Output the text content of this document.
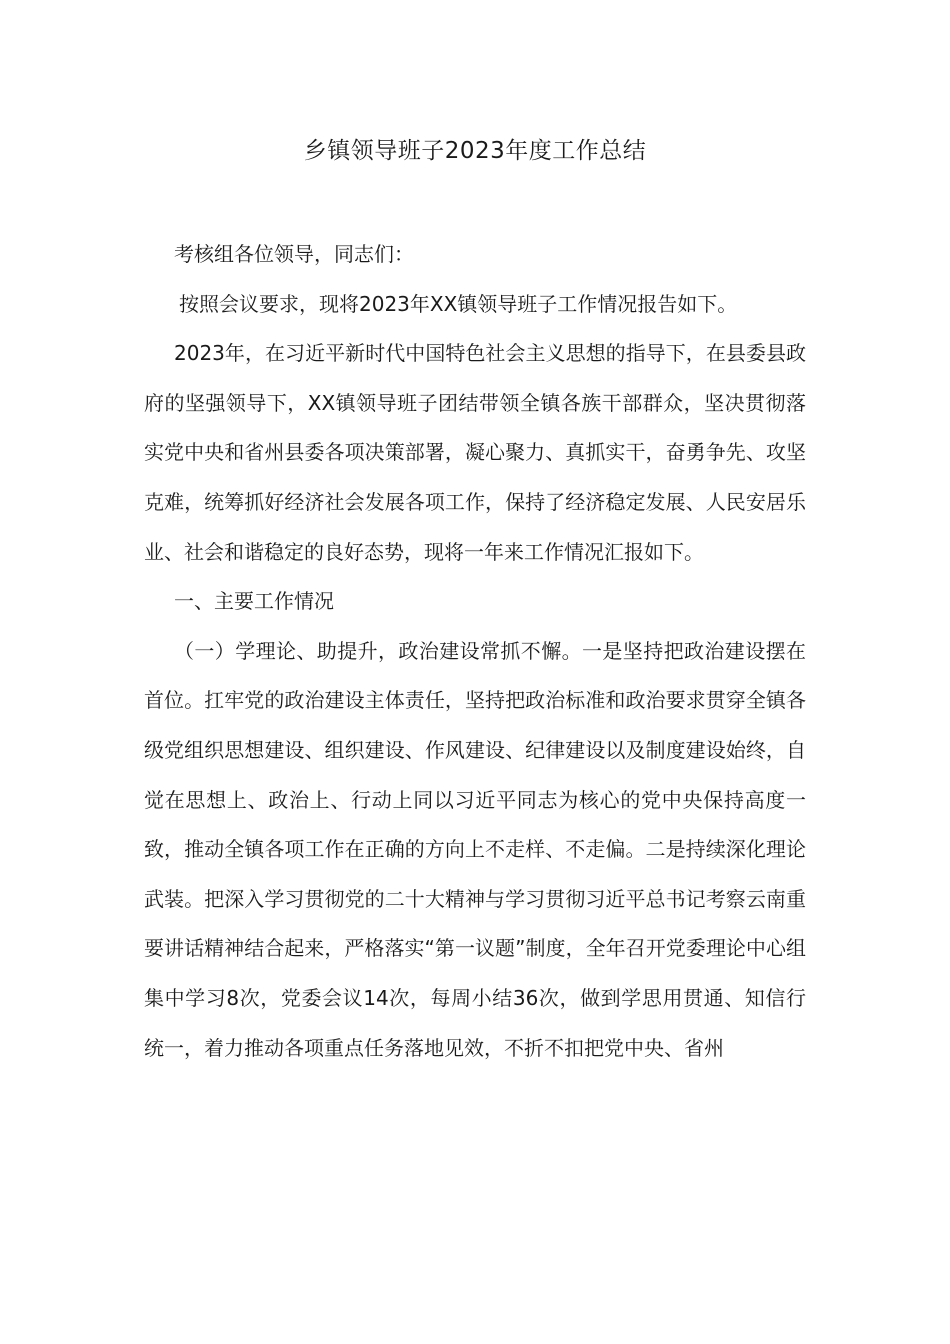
乡镇领导班子2023年度工作总结

考核组各位领导，同志们：

按照会议要求，现将2023年XX镇领导班子工作情况报告如下。

2023年，在习近平新时代中国特色社会主义思想的指导下，在县委县政府的坚强领导下，XX镇领导班子团结带领全镇各族干部群众，坚决贯彻落实党中央和省州县委各项决策部署，凝心聚力、真抓实干，奋勇争先、攻坚克难，统筹抓好经济社会发展各项工作，保持了经济稳定发展、人民安居乐业、社会和谐稳定的良好态势，现将一年来工作情况汇报如下。

一、主要工作情况

（一）学理论、助提升，政治建设常抓不懈。一是坚持把政治建设摆在首位。扛牢党的政治建设主体责任，坚持把政治标准和政治要求贯穿全镇各级党组织思想建设、组织建设、作风建设、纪律建设以及制度建设始终，自觉在思想上、政治上、行动上同以习近平同志为核心的党中央保持高度一致，推动全镇各项工作在正确的方向上不走样、不走偏。二是持续深化理论武装。把深入学习贯彻党的二十大精神与学习贯彻习近平总书记考察云南重要讲话精神结合起来，严格落实“第一议题”制度，全年召开党委理论中心组集中学习8次，党委会议14次，每周小结36次，做到学思用贯通、知信行统一，着力推动各项重点任务落地见效，不折不扣把党中央、省州
